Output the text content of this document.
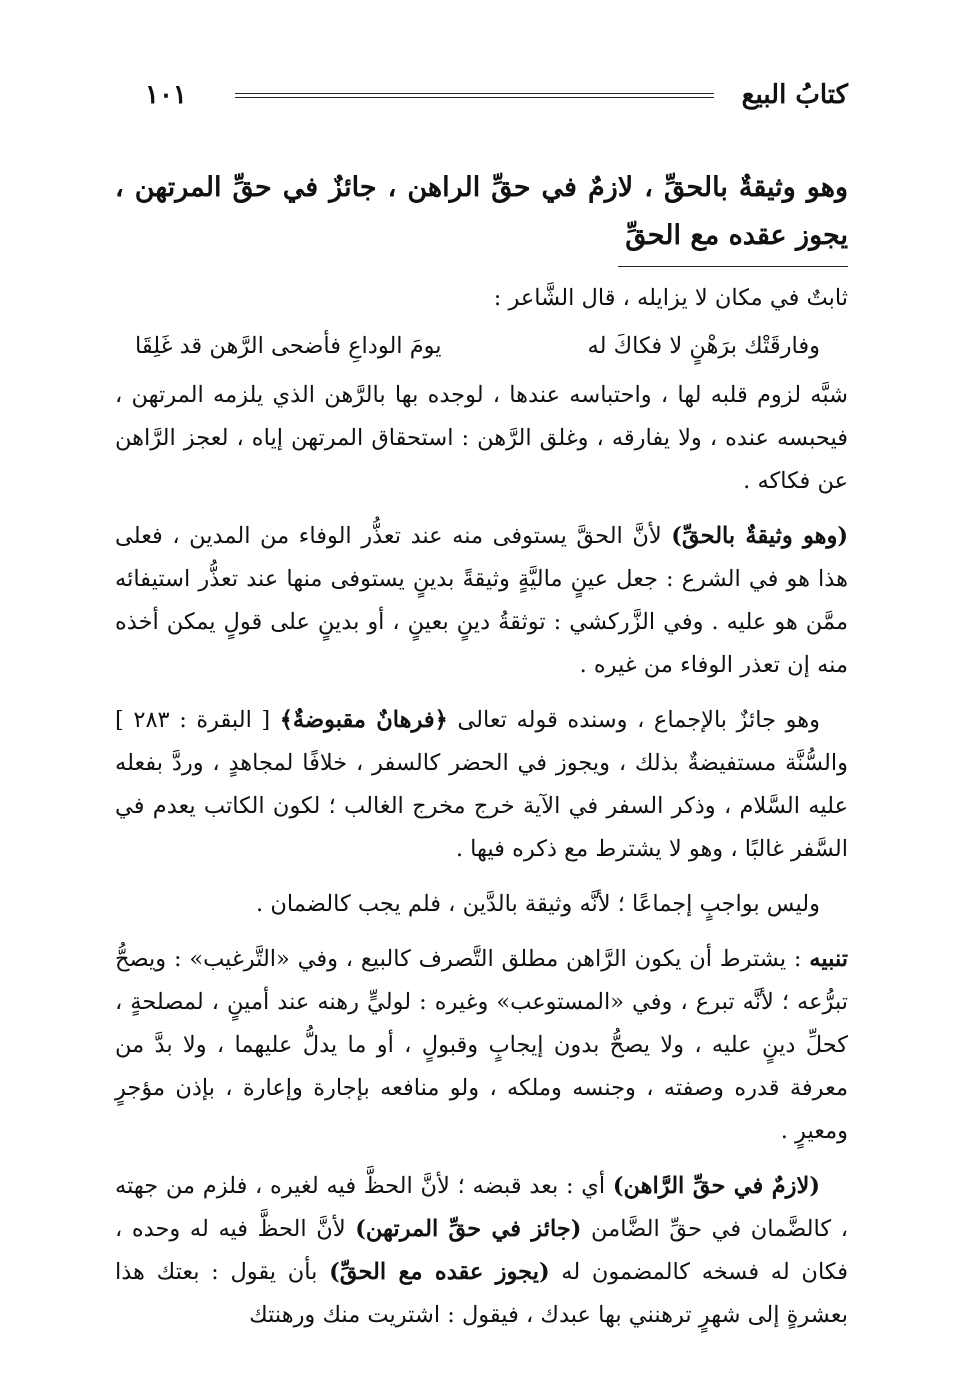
كتابُ البيع
١٠١
وهو وثيقةٌ بالحقِّ ، لازمٌ في حقِّ الراهن ، جائزٌ في حقِّ المرتهن ، يجوز عقده مع الحقِّ

ثابتٌ في مكان لا يزايله ، قال الشَّاعر :

وفارقَتْك برَهْنٍ لا فكاكَ له
يومَ الوداعِ فأضحى الرَّهن قد غَلِقَا

شبَّه لزوم قلبه لها ، واحتباسه عندها ، لوجده بها بالرَّهن الذي يلزمه المرتهن ، فيحبسه عنده ، ولا يفارقه ، وغلق الرَّهن : استحقاق المرتهن إياه ، لعجز الرَّاهن عن فكاكه .

(وهو وثيقةٌ بالحقِّ) لأنَّ الحقَّ يستوفى منه عند تعذُّر الوفاء من المدين ، فعلى هذا هو في الشرع : جعل عينٍ ماليَّةٍ وثيقةً بدينٍ يستوفى منها عند تعذُّر استيفائه ممَّن هو عليه . وفي الزَّركشي : توثقةُ دينٍ بعينٍ ، أو بدينٍ على قولٍ يمكن أخذه منه إن تعذر الوفاء من غيره .

وهو جائزٌ بالإجماع ، وسنده قوله تعالى ﴿فرهانٌ مقبوضةٌ﴾ [ البقرة : ٢٨٣ ] والسُّنَّة مستفيضةٌ بذلك ، ويجوز في الحضر كالسفر ، خلافًا لمجاهدٍ ، وردَّ بفعله عليه السَّلام ، وذكر السفر في الآية خرج مخرج الغالب ؛ لكون الكاتب يعدم في السَّفر غالبًا ، وهو لا يشترط مع ذكره فيها .

وليس بواجبٍ إجماعًا ؛ لأنَّه وثيقة بالدَّين ، فلم يجب كالضمان .

تنبيه : يشترط أن يكون الرَّاهن مطلق التَّصرف كالبيع ، وفي «التَّرغيب» : ويصحُّ تبرُّعه ؛ لأنَّه تبرع ، وفي «المستوعب» وغيره : لوليٍّ رهنه عند أمينٍ ، لمصلحةٍ ، كحلِّ دينٍ عليه ، ولا يصحُّ بدون إيجابٍ وقبولٍ ، أو ما يدلُّ عليهما ، ولا بدَّ من معرفة قدره وصفته ، وجنسه وملكه ، ولو منافعه بإجارة وإعارة ، بإذن مؤجرٍ ومعيرٍ .

(لازمٌ في حقِّ الرَّاهن) أي : بعد قبضه ؛ لأنَّ الحظَّ فيه لغيره ، فلزم من جهته ، كالضَّمان في حقِّ الضَّامن (جائز في حقِّ المرتهن) لأنَّ الحظَّ فيه له وحده ، فكان له فسخه كالمضمون له (يجوز عقده مع الحقِّ) بأن يقول : بعتك هذا بعشرةٍ إلى شهرٍ ترهنني بها عبدك ، فيقول : اشتريت منك ورهنتك
